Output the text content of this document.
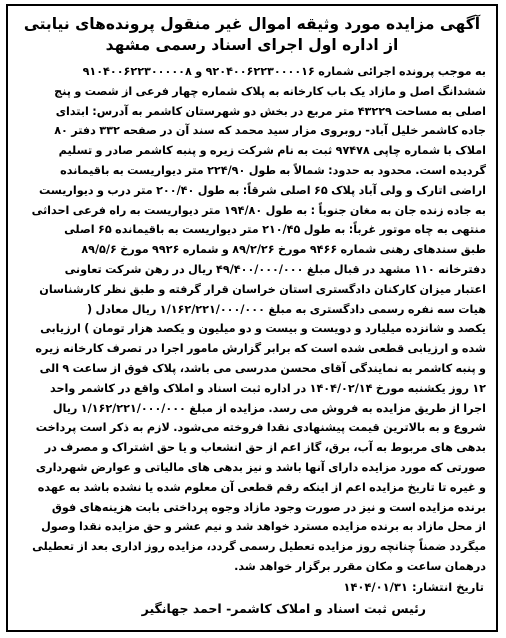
آگهی مزایده مورد وثیقه اموال غیر منقول پرونده‌های نیابتی
از اداره اول اجرای اسناد رسمی مشهد
به موجب پرونده اجرائی شماره ۹۲۰۴۰۰۶۲۲۳۰۰۰۰۱۶ و ۹۱۰۴۰۰۶۲۲۳۰۰۰۰۰۸
ششدانگ اصل و مازاد یک باب کارخانه به پلاک شماره چهار فرعی از شصت و پنج
اصلی به مساحت ۴۳۲۲۹ متر مربع در بخش دو شهرستان کاشمر به آدرس: ابتدای
جاده کاشمر خلیل آباد- روبروی مزار سید محمد که سند آن در صفحه ۳۳۲ دفتر ۸۰
املاک با شماره چاپی ۹۷۴۷۸ ثبت به نام شرکت زیره و پنبه کاشمر صادر و تسلیم
گردیده است. محدود به حدود: شمالاً به طول ۲۲۴/۹۰ متر دیواریست به باقیمانده
اراضی اتارک و ولی آباد پلاک ۶۵ اصلی شرقاً: به طول ۲۰۰/۴۰ متر درب و دیواریست
به جاده زنده جان به مغان جنوباً : به طول ۱۹۴/۸۰ متر دیواریست به راه فرعی احداثی
منتهی به چاه موتور غرباً: به طول ۲۱۰/۴۵ متر دیواریست به باقیمانده ۶۵ اصلی
طبق سندهای رهنی شماره ۹۴۶۶ مورخ ۸۹/۲/۲۶ و شماره ۹۹۲۶ مورخ ۸۹/۵/۶
دفترخانه ۱۱۰ مشهد در قبال مبلغ ۴۹/۴۰۰/۰۰۰/۰۰۰ ریال در رهن شرکت تعاونی
اعتبار میزان کارکنان دادگستری استان خراسان قرار گرفته و طبق نظر کارشناسان
هیات سه نفره رسمی دادگستری به مبلغ ۱/۱۶۲/۲۲۱/۰۰۰/۰۰۰ ریال معادل (
یکصد و شانزده میلیارد و دویست و بیست و دو میلیون و یکصد هزار تومان ) ارزیابی
شده و ارزیابی قطعی شده است که برابر گزارش مامور اجرا در تصرف کارخانه زیره
و پنبه کاشمر به نمایندگی آقای محسن مدرسی می باشد، پلاک فوق از ساعت ۹ الی
۱۲ روز یکشنبه مورخ ۱۴۰۴/۰۲/۱۴ در اداره ثبت اسناد و املاک واقع در کاشمر واحد
اجرا از طریق مزایده به فروش می رسد. مزایده از مبلغ ۱/۱۶۲/۲۲۱/۰۰۰/۰۰۰ ریال
شروع و به بالاترین قیمت پیشنهادی نقدا فروخته می‌شود. لازم به ذکر است پرداخت
بدهی های مربوط به آب، برق، گاز اعم از حق انشعاب و یا حق اشتراک و مصرف در
صورتی که مورد مزایده دارای آنها باشد و نیز بدهی های مالیاتی و عوارض شهرداری
و غیره تا تاریخ مزایده اعم از اینکه رقم قطعی آن معلوم شده یا نشده باشد به عهده
برنده مزایده است و نیز در صورت وجود مازاد وجوه پرداختی بابت هزینه‌های فوق
از محل مازاد به برنده مزایده مسترد خواهد شد و نیم عشر و حق مزایده نقدا وصول
میگردد ضمناً چنانچه روز مزایده تعطیل رسمی گردد، مزایده روز اداری بعد از تعطیلی
درهمان ساعت و مکان مقرر برگزار خواهد شد.
تاریخ انتشار: ۱۴۰۴/۰۱/۳۱
رئیس ثبت اسناد و املاک کاشمر- احمد جهانگیر
